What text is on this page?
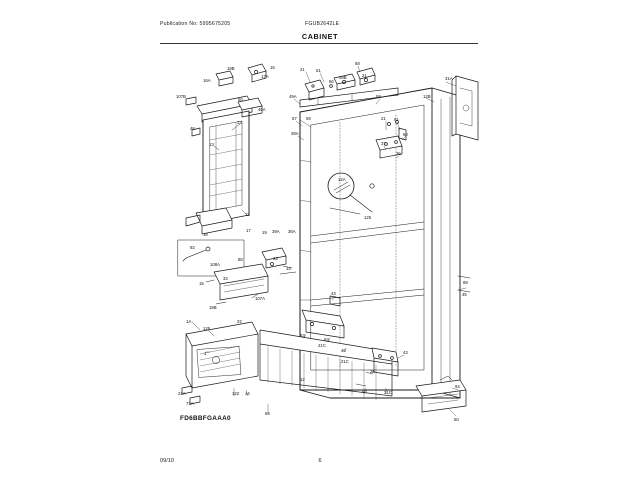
Publication No: 5995675205	FGUB2642LE
CABINET
18B	16
16A
17A
21	61
58
31A
107B
48B	21
56
49A	12B
58
46A
50
57 59	21 61
60
38A
13
48
13	37
36
12A
125
13
18
17	19 39A 36A
89
45
92
108A
88	23
14
15
33
18B
107A
43
1A
125
22
63
63
21C
40	43
1
12
21C
26
21C
63
94
50
21A	122 44
71A
64
FD6BBFGAAA0
09/10	6
